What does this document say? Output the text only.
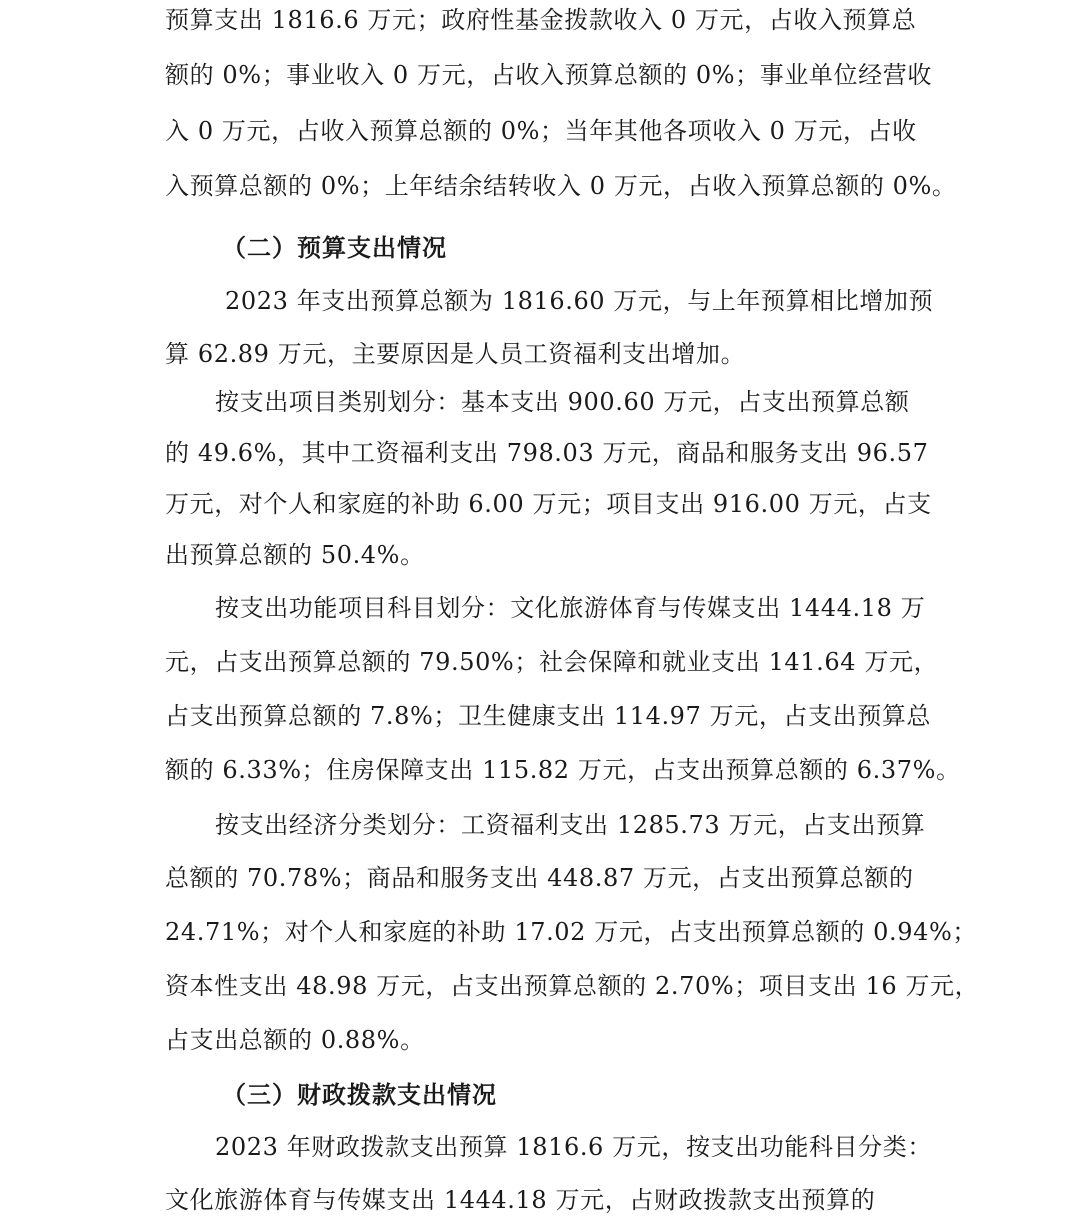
预算支出 1816.6 万元；政府性基金拨款收入 0 万元，占收入预算总
额的 0%；事业收入 0 万元，占收入预算总额的 0%；事业单位经营收
入 0 万元，占收入预算总额的 0%；当年其他各项收入 0 万元，占收
入预算总额的 0%；上年结余结转收入 0 万元，占收入预算总额的 0%。
（二）预算支出情况
2023 年支出预算总额为 1816.60 万元，与上年预算相比增加预
算 62.89 万元，主要原因是人员工资福利支出增加。
按支出项目类别划分：基本支出 900.60 万元，占支出预算总额
的 49.6%，其中工资福利支出 798.03 万元，商品和服务支出 96.57
万元，对个人和家庭的补助 6.00 万元；项目支出 916.00 万元，占支
出预算总额的 50.4%。
按支出功能项目科目划分：文化旅游体育与传媒支出 1444.18 万
元，占支出预算总额的 79.50%；社会保障和就业支出 141.64 万元，
占支出预算总额的 7.8%；卫生健康支出 114.97 万元，占支出预算总
额的 6.33%；住房保障支出 115.82 万元，占支出预算总额的 6.37%。
按支出经济分类划分：工资福利支出 1285.73 万元，占支出预算
总额的 70.78%；商品和服务支出 448.87 万元，占支出预算总额的
24.71%；对个人和家庭的补助 17.02 万元，占支出预算总额的 0.94%；
资本性支出 48.98 万元，占支出预算总额的 2.70%；项目支出 16 万元，
占支出总额的 0.88%。
（三）财政拨款支出情况
2023 年财政拨款支出预算 1816.6 万元，按支出功能科目分类：
文化旅游体育与传媒支出 1444.18 万元，占财政拨款支出预算的
